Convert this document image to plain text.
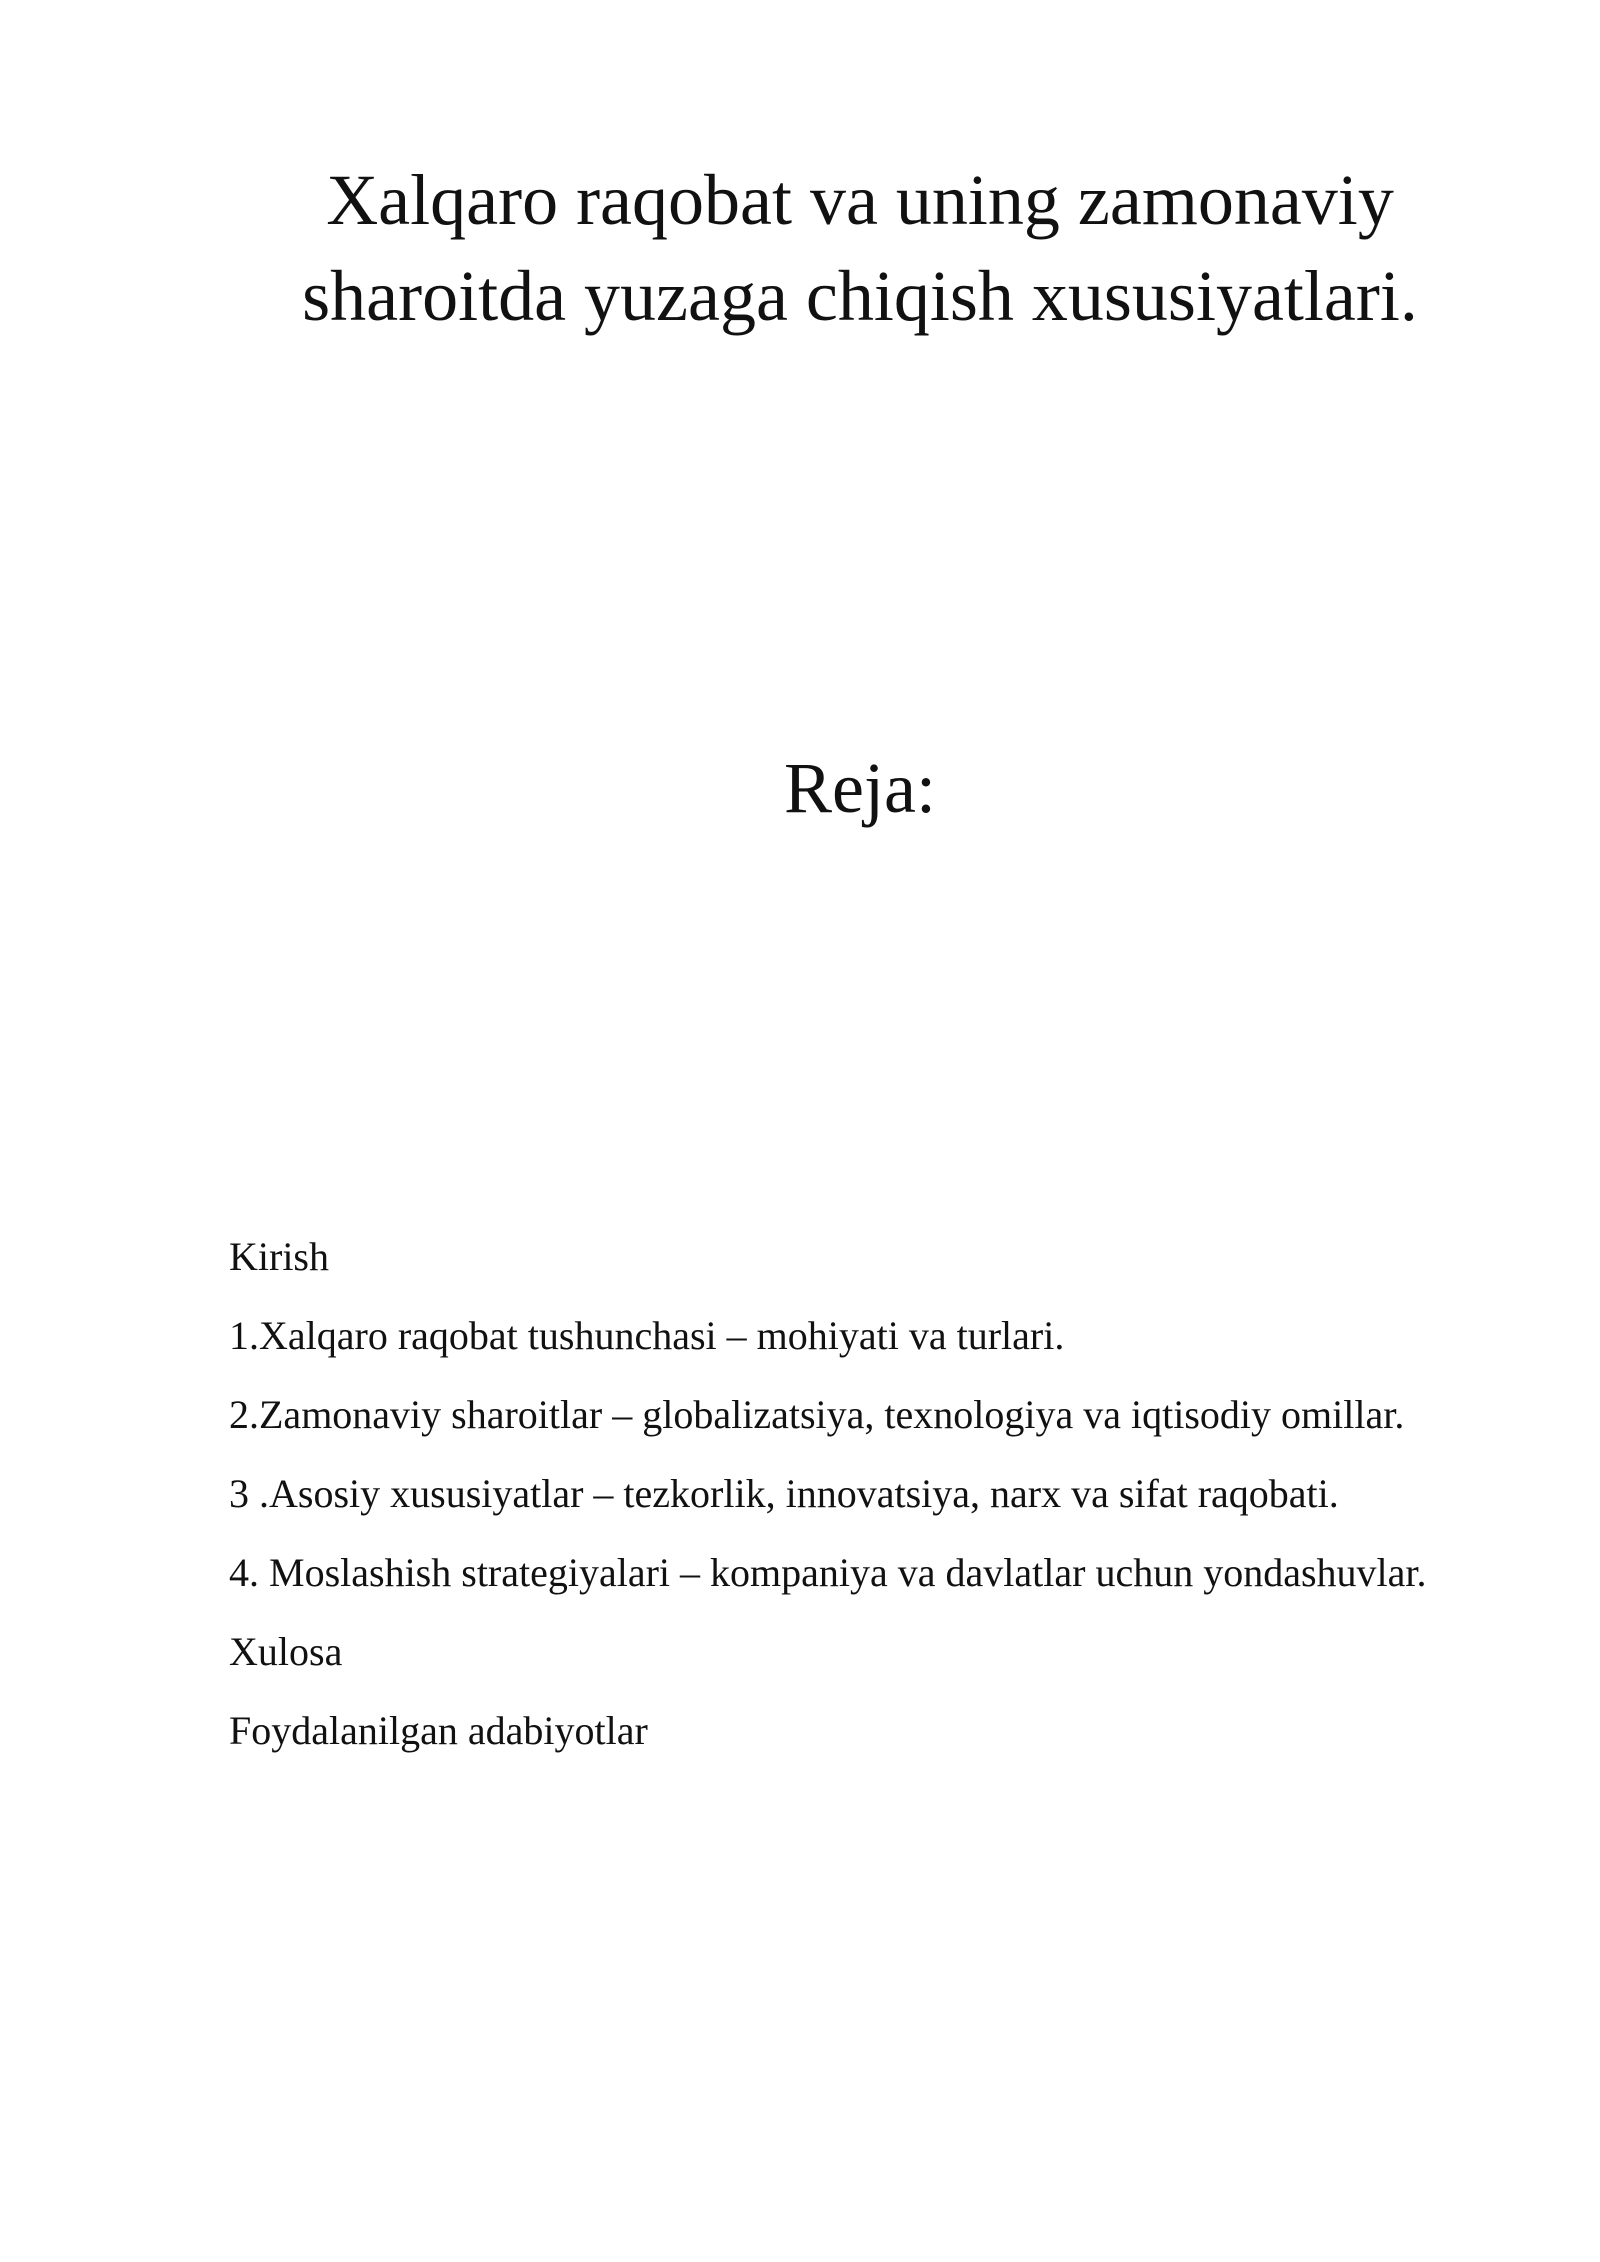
Xalqaro raqobat va uning zamonaviy
sharoitda yuzaga chiqish xususiyatlari.
Reja:
Kirish
1.Xalqaro raqobat tushunchasi – mohiyati va turlari.
2.Zamonaviy sharoitlar – globalizatsiya, texnologiya va iqtisodiy omillar.
3 .Asosiy xususiyatlar – tezkorlik, innovatsiya, narx va sifat raqobati.
4. Moslashish strategiyalari – kompaniya va davlatlar uchun yondashuvlar.
Xulosa
Foydalanilgan adabiyotlar
